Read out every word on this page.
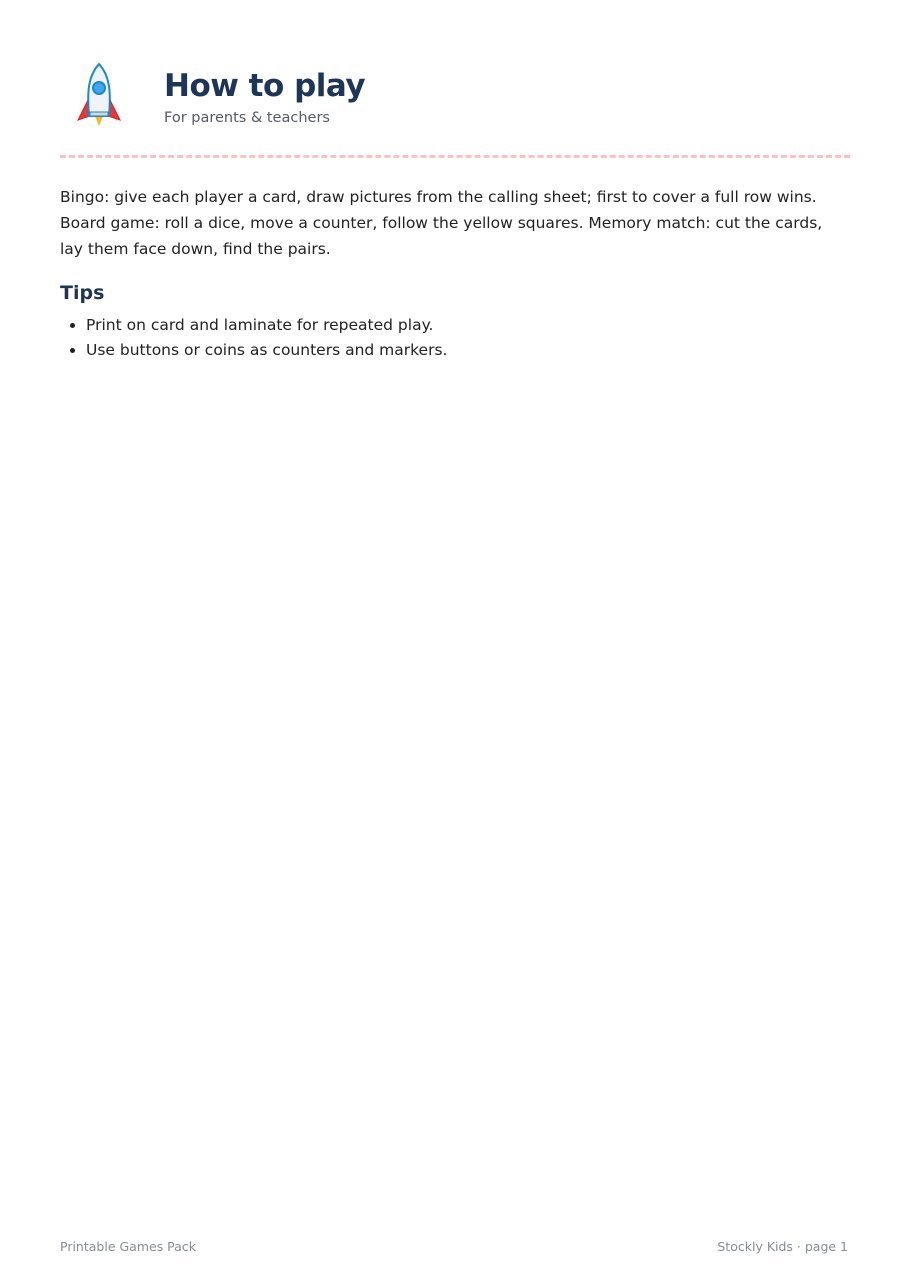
How to play
For parents & teachers

Bingo: give each player a card, draw pictures from the calling sheet; first to cover a full row wins. Board game: roll a dice, move a counter, follow the yellow squares. Memory match: cut the cards, lay them face down, find the pairs.

Tips
• Print on card and laminate for repeated play.
• Use buttons or coins as counters and markers.
Printable Games Pack	Stockly Kids · page 1
